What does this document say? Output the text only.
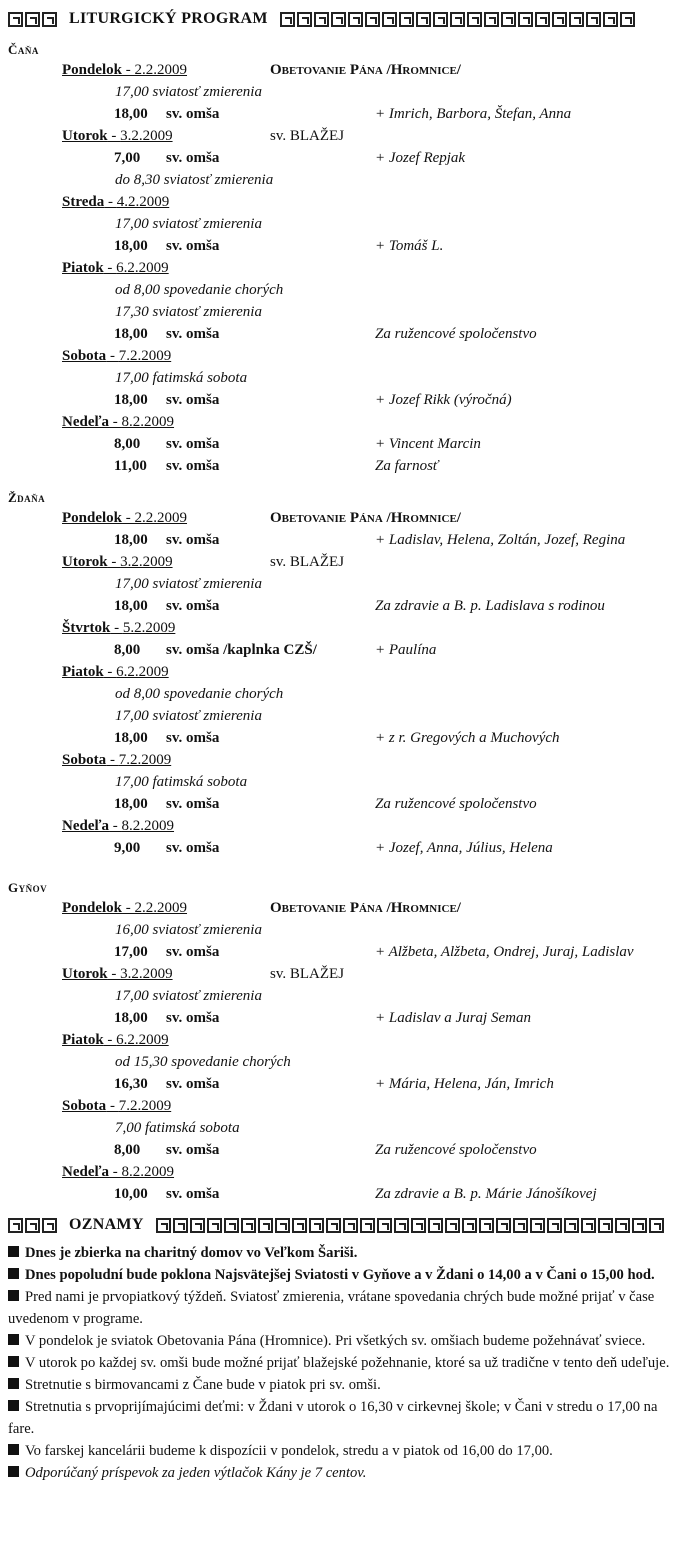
LITURGICKÝ PROGRAM
Čaňa
Pondelok - 2.2.2009	Obetovanie Pána /Hromnice/
17,00 sviatosť zmierenia
18,00 sv. omša	+ Imrich, Barbora, Štefan, Anna
Utorok - 3.2.2009	sv. BLAŽEJ
7,00 sv. omša	+ Jozef Repjak
do 8,30 sviatosť zmierenia
Streda - 4.2.2009
17,00 sviatosť zmierenia
18,00 sv. omša	+ Tomáš L.
Piatok - 6.2.2009
od 8,00 spovedanie chorých
17,30 sviatosť zmierenia
18,00 sv. omša	Za ružencové spoločenstvo
Sobota - 7.2.2009
17,00 fatimská sobota
18,00 sv. omša	+ Jozef Rikk (výročná)
Nedeľa - 8.2.2009
8,00 sv. omša	+ Vincent Marcin
11,00 sv. omša	Za farnosť
Ždaňa
Pondelok - 2.2.2009	Obetovanie Pána /Hromnice/
18,00 sv. omša	+ Ladislav, Helena, Zoltán, Jozef, Regina
Utorok - 3.2.2009	sv. BLAŽEJ
17,00 sviatosť zmierenia
18,00 sv. omša	Za zdravie a B. p. Ladislava s rodinou
Štvrtok - 5.2.2009
8,00 sv. omša /kaplnka CZŠ/	+ Paulína
Piatok - 6.2.2009
od 8,00 spovedanie chorých
17,00 sviatosť zmierenia
18,00 sv. omša	+ z r. Gregových a Muchových
Sobota - 7.2.2009
17,00 fatimská sobota
18,00 sv. omša	Za ružencové spoločenstvo
Nedeľa - 8.2.2009
9,00 sv. omša	+ Jozef, Anna, Július, Helena
Gyňov
Pondelok - 2.2.2009	Obetovanie Pána /Hromnice/
16,00 sviatosť zmierenia
17,00 sv. omša	+ Alžbeta, Alžbeta, Ondrej, Juraj, Ladislav
Utorok - 3.2.2009	sv. BLAŽEJ
17,00 sviatosť zmierenia
18,00 sv. omša	+ Ladislav a Juraj Seman
Piatok - 6.2.2009
od 15,30 spovedanie chorých
16,30 sv. omša	+ Mária, Helena, Ján, Imrich
Sobota - 7.2.2009
7,00 fatimská sobota
8,00 sv. omša	Za ružencové spoločenstvo
Nedeľa - 8.2.2009
10,00 sv. omša	Za zdravie a B. p. Márie Jánošíkovej
OZNAMY

Dnes je zbierka na charitný domov vo Veľkom Šariši.

Dnes popoludní bude poklona Najsvätejšej Sviatosti v Gyňove a v Ždani o 14,00 a v Čani o 15,00 hod.

Pred nami je prvopiatkový týždeň. Sviatosť zmierenia, vrátane spovedania chrých bude možné prijať v čase uvedenom v programe.

V pondelok je sviatok Obetovania Pána (Hromnice). Pri všetkých sv. omšiach budeme požehnávať sviece.

V utorok po každej sv. omši bude možné prijať blažejské požehnanie, ktoré sa už tradične v tento deň udeľuje.

Stretnutie s birmovancami z Čane bude v piatok pri sv. omši.

Stretnutia s prvoprijímajúcimi deťmi: v Ždani v utorok o 16,30 v cirkevnej škole; v Čani v stredu o 17,00 na fare.

Vo farskej kancelárii budeme k dispozícii v pondelok, stredu a v piatok od 16,00 do 17,00.

Odporúčaný príspevok za jeden výtlačok Kány je 7 centov.
